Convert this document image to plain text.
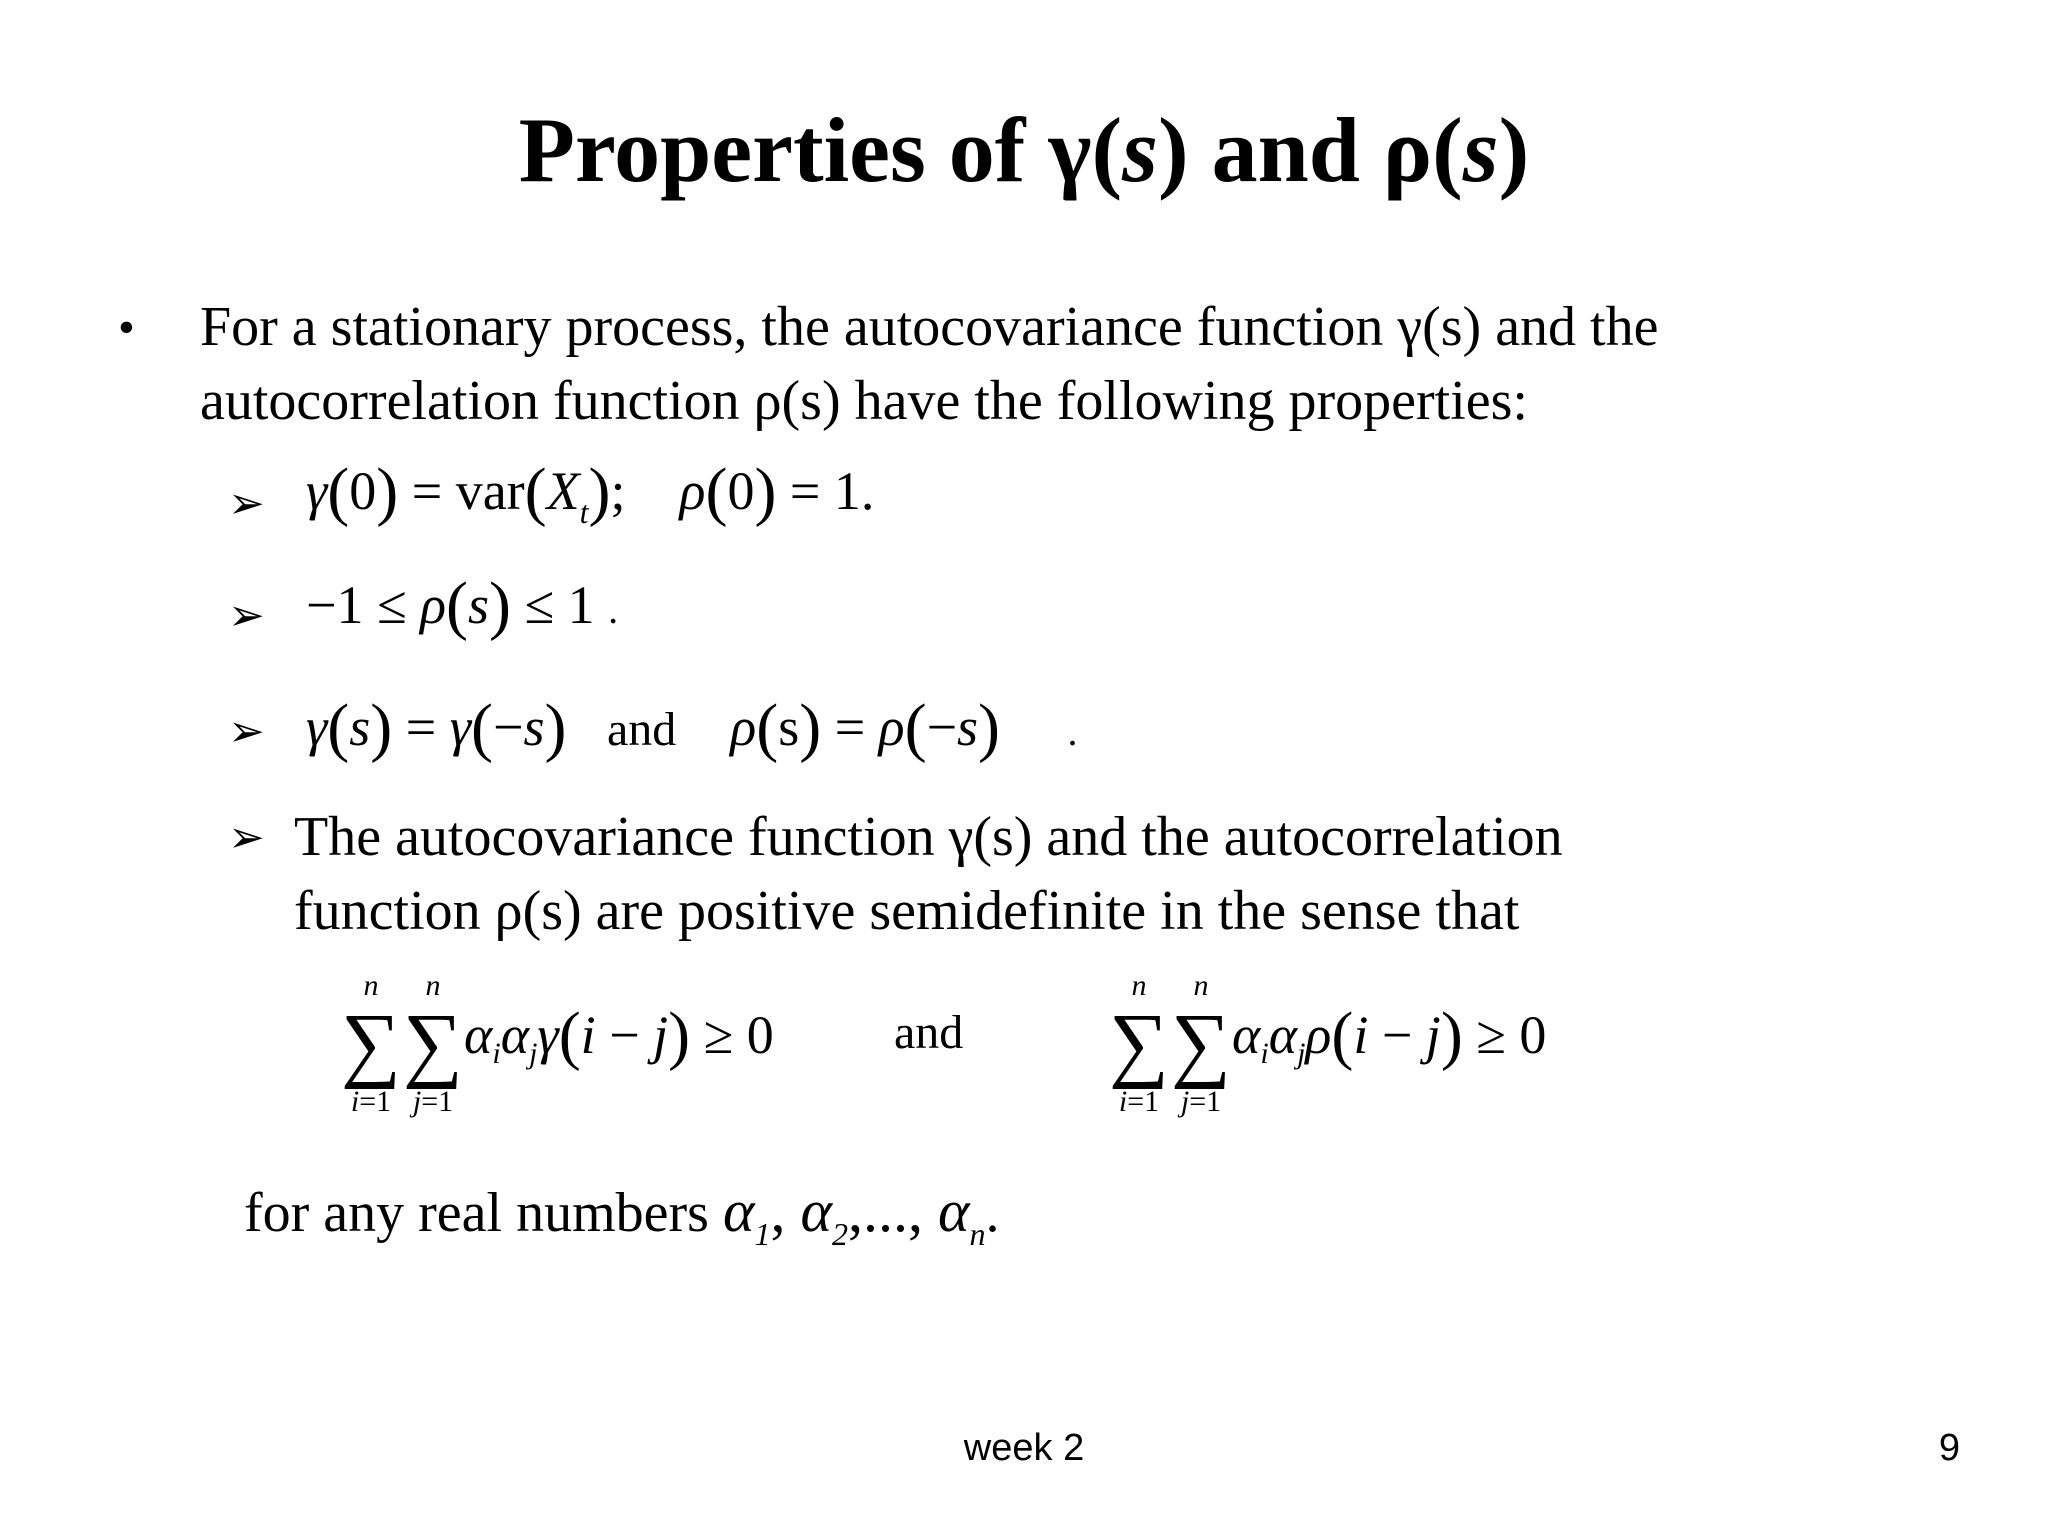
Properties of γ(s) and ρ(s)
• For a stationary process, the autocovariance function γ(s) and the
autocorrelation function ρ(s) have the following properties:
➢ $\gamma(0) = var(X_t)$;    ρ(0) = 1.
➢ −1 ≤ ρ(s) ≤ 1 .
➢ γ(s) = γ(−s) and ρ(s) = ρ(−s) .
➢ The autocovariance function γ(s) and the autocorrelation
function ρ(s) are positive semidefinite in the sense that
n
∑
i=1
n
∑
j=1
αiαjγ(i − j) ≥ 0	and
n
∑
i=1
n
∑
j=1
αiαjρ(i − j) ≥ 0
for any real numbers $\alpha_1$, $\alpha_2$,..., $\alpha_n$.
week 2	9
